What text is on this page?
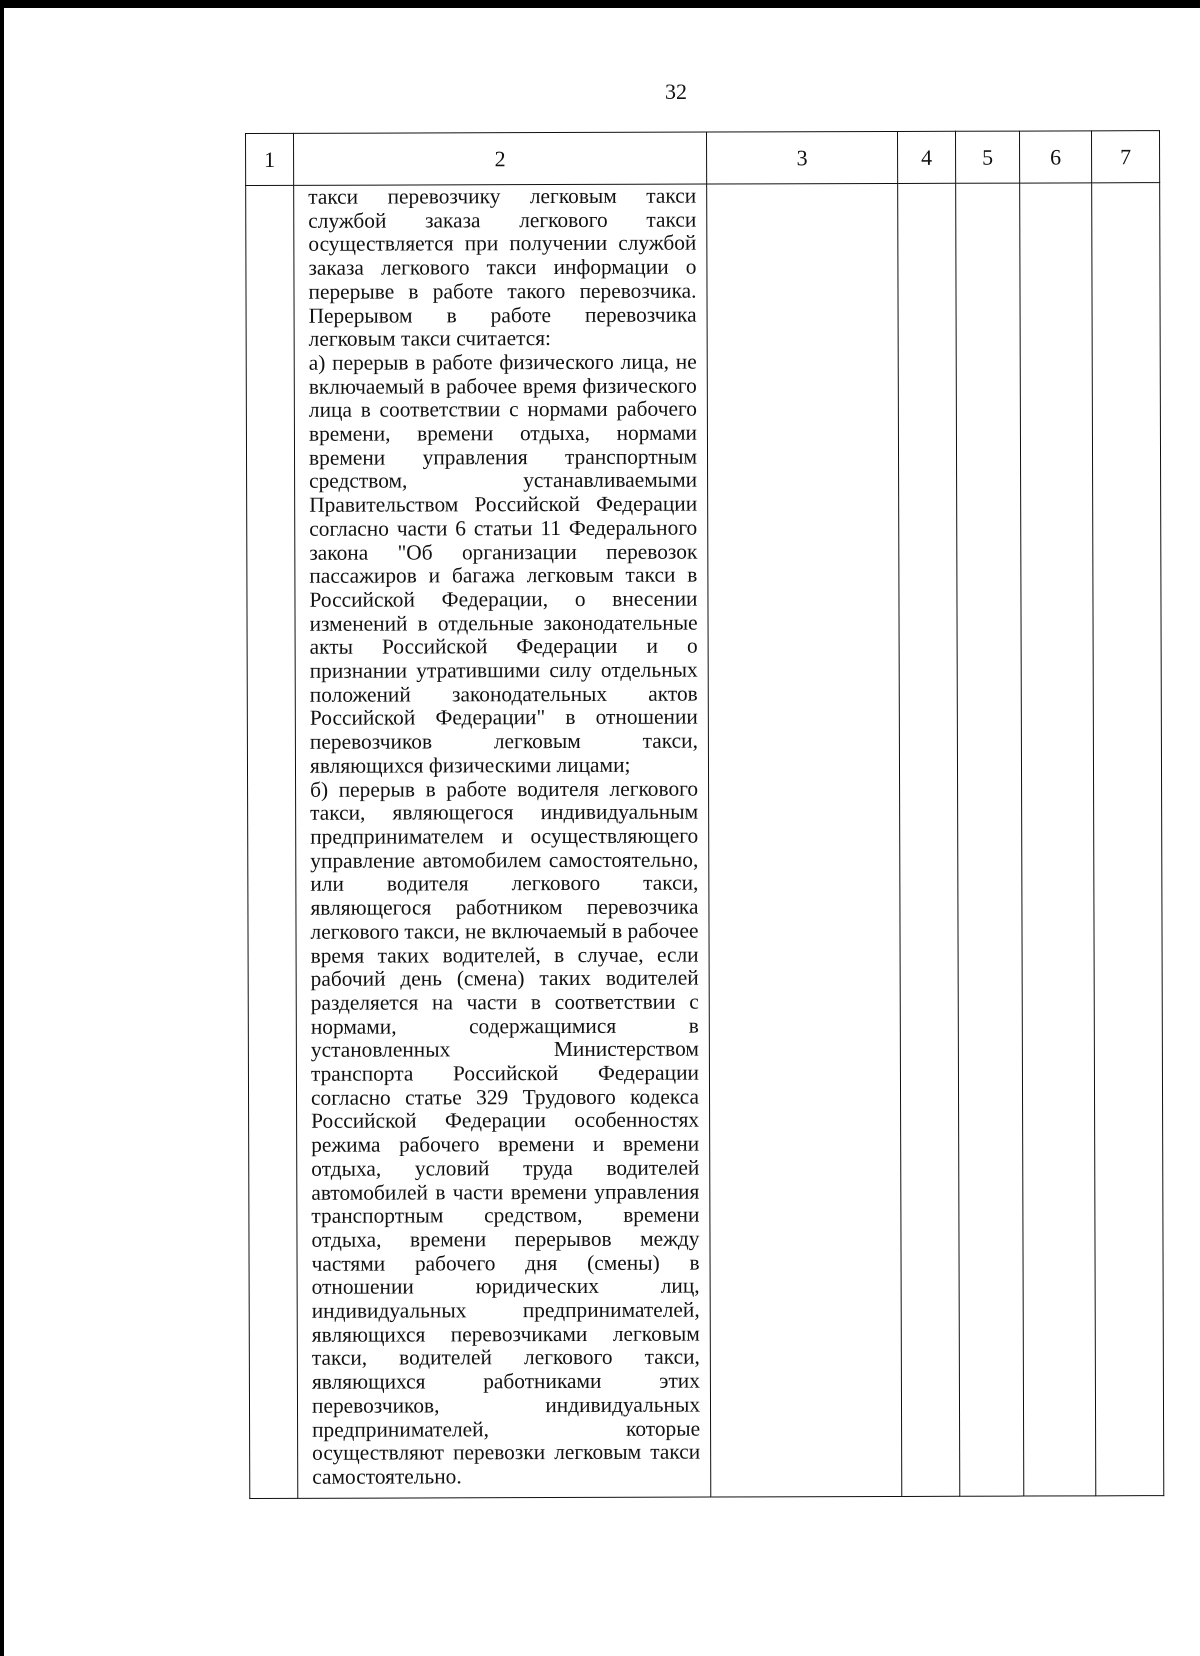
32
1	2	3	4	5	6	7

	такси перевозчику легковым такси службой заказа легкового такси осуществляется при получении службой заказа легкового такси информации о перерыве в работе такого перевозчика. Перерывом в работе перевозчика легковым такси считается:
а) перерыв в работе физического лица, не включаемый в рабочее время физического лица в соответствии с нормами рабочего времени, времени отдыха, нормами времени управления транспортным средством, устанавливаемыми Правительством Российской Федерации согласно части 6 статьи 11 Федерального закона "Об организации перевозок пассажиров и багажа легковым такси в Российской Федерации, о внесении изменений в отдельные законодательные акты Российской Федерации и о признании утратившими силу отдельных положений законодательных актов Российской Федерации" в отношении перевозчиков легковым такси, являющихся физическими лицами;
б) перерыв в работе водителя легкового такси, являющегося индивидуальным предпринимателем и осуществляющего управление автомобилем самостоятельно, или водителя легкового такси, являющегося работником перевозчика легкового такси, не включаемый в рабочее время таких водителей, в случае, если рабочий день (смена) таких водителей разделяется на части в соответствии с нормами, содержащимися в установленных Министерством транспорта Российской Федерации согласно статье 329 Трудового кодекса Российской Федерации особенностях режима рабочего времени и времени отдыха, условий труда водителей автомобилей в части времени управления транспортным средством, времени отдыха, времени перерывов между частями рабочего дня (смены) в отношении юридических лиц, индивидуальных предпринимателей, являющихся перевозчиками легковым такси, водителей легкового такси, являющихся работниками этих перевозчиков, индивидуальных предпринимателей, которые осуществляют перевозки легковым такси самостоятельно.					
